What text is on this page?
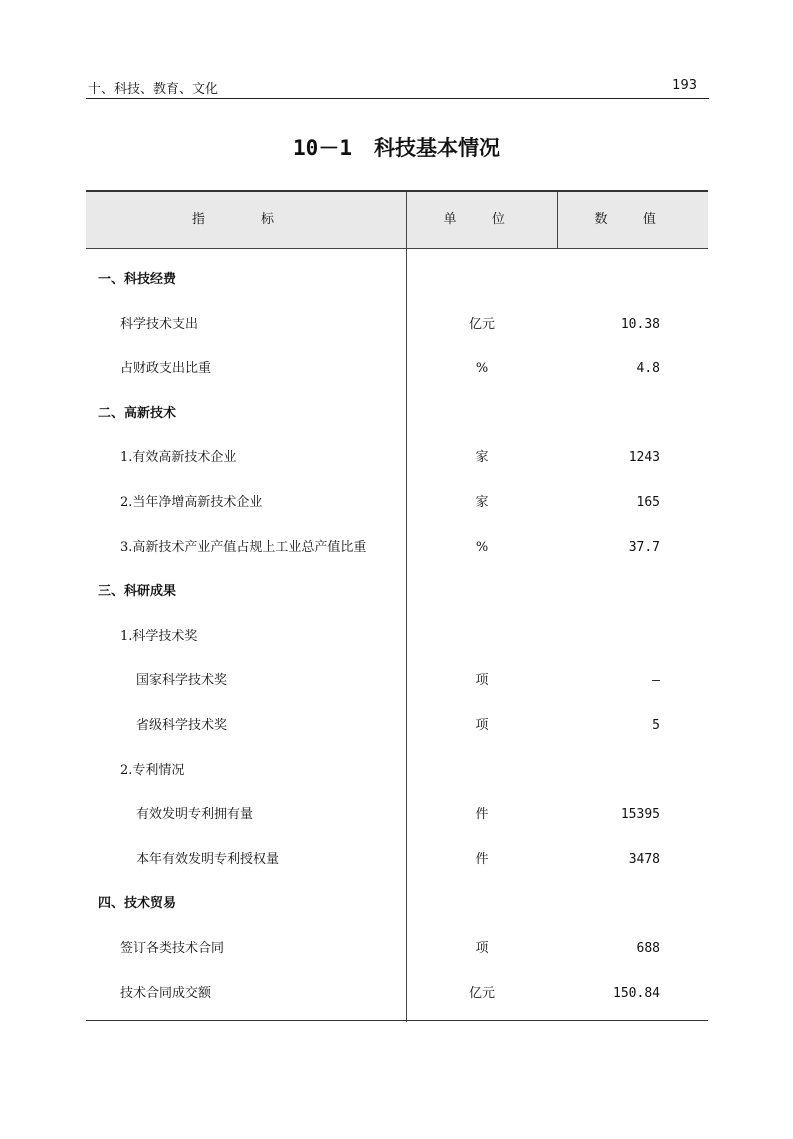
十、科技、教育、文化	193
10－1 科技基本情况
指 标	单 位	数 值
一、科技经费
科学技术支出	亿元	10.38
占财政支出比重	%	4.8
二、高新技术
1.有效高新技术企业	家	1243
2.当年净增高新技术企业	家	165
3.高新技术产业产值占规上工业总产值比重	%	37.7
三、科研成果
1.科学技术奖
国家科学技术奖	项	—
省级科学技术奖	项	5
2.专利情况
有效发明专利拥有量	件	15395
本年有效发明专利授权量	件	3478
四、技术贸易
签订各类技术合同	项	688
技术合同成交额	亿元	150.84
